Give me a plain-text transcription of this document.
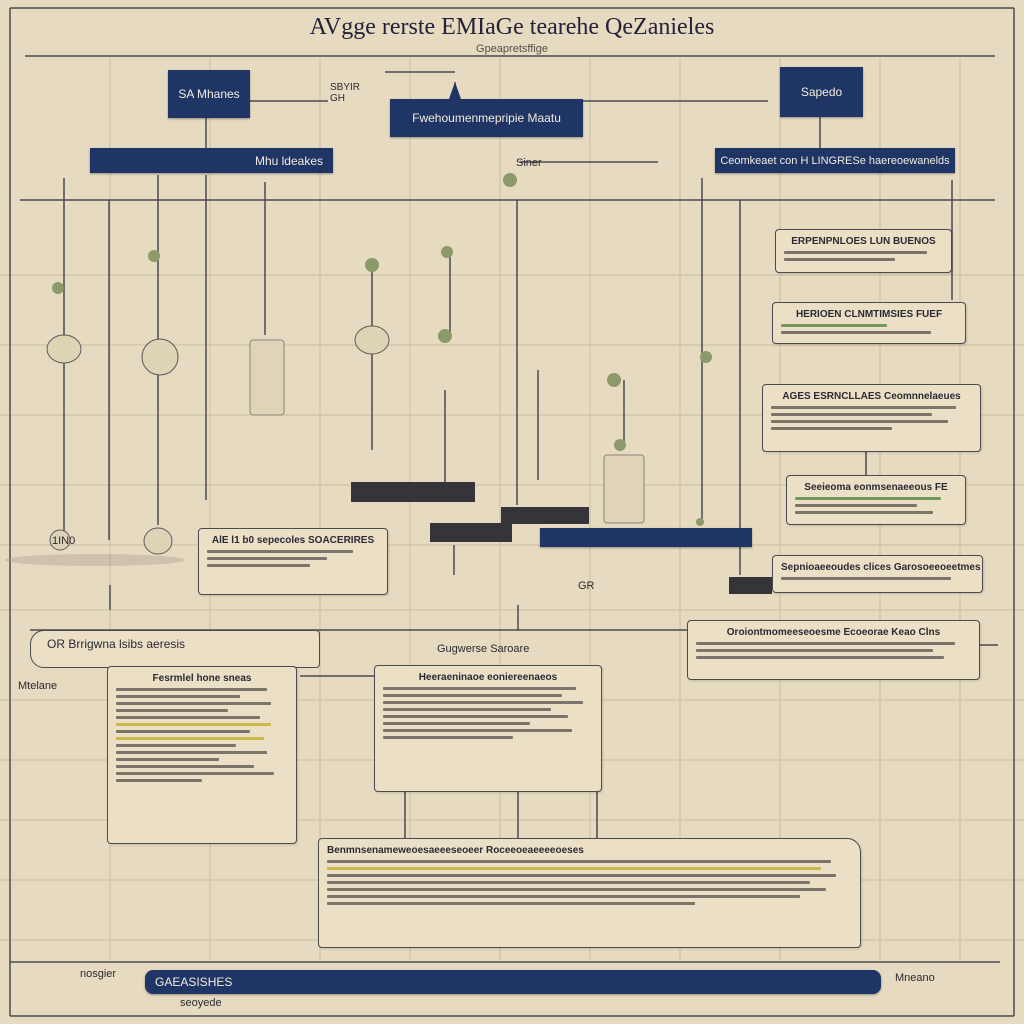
AVgge rerste EMIaGe tearehe QeZanieles
Gpeapretsffige
SA Mhanes
Fwehoumenmepripie Maatu
Sapedo
SBYIR GH
Mhu ldeakes	Ceomkeaet con H LINGRESe haereoewanelds
Siner
1IN0
GR
ERPENPNLOES LUN BUENOS
HERIOEN CLNMTIMSIES FUEF
AGES ESRNCLLAES Ceomnnelaeues
Seeieoma eonmsenaeeous FE
Sepnioaeeoudes clices Garosoeeoeetmes
AlE l1 b0 sepecoles SOACERIRES
Oroiontmomeeseoesme Ecoeorae Keao Clns
OR Brrigwna lsibs aeresis
Mtelane
Gugwerse Saroare
Fesrmlel hone sneas	Heeraeninaoe eoniereenaeos
Benmnsenameweoesaeeeseoeer Roceeoeaeeeeoeses
GAEASISHES
nosgier
seoyede
Mneano
